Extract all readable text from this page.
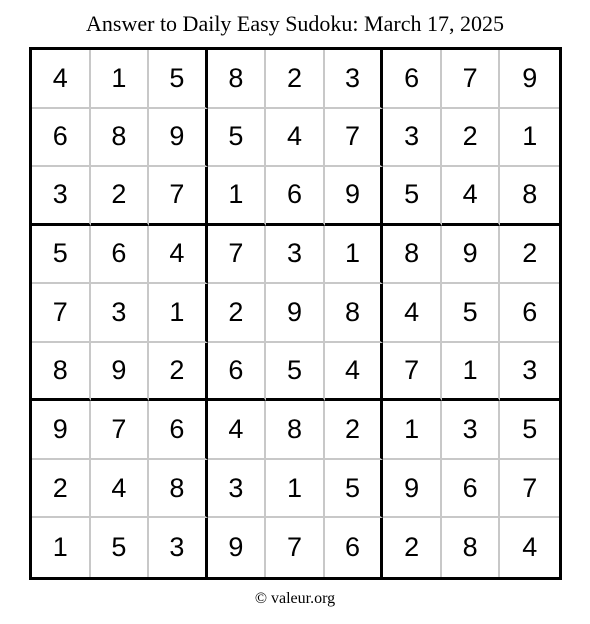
Answer to Daily Easy Sudoku: March 17, 2025
4	1	5	8	2	3	6	7	9
6	8	9	5	4	7	3	2	1
3	2	7	1	6	9	5	4	8
5	6	4	7	3	1	8	9	2
7	3	1	2	9	8	4	5	6
8	9	2	6	5	4	7	1	3
9	7	6	4	8	2	1	3	5
2	4	8	3	1	5	9	6	7
1	5	3	9	7	6	2	8	4
© valeur.org
